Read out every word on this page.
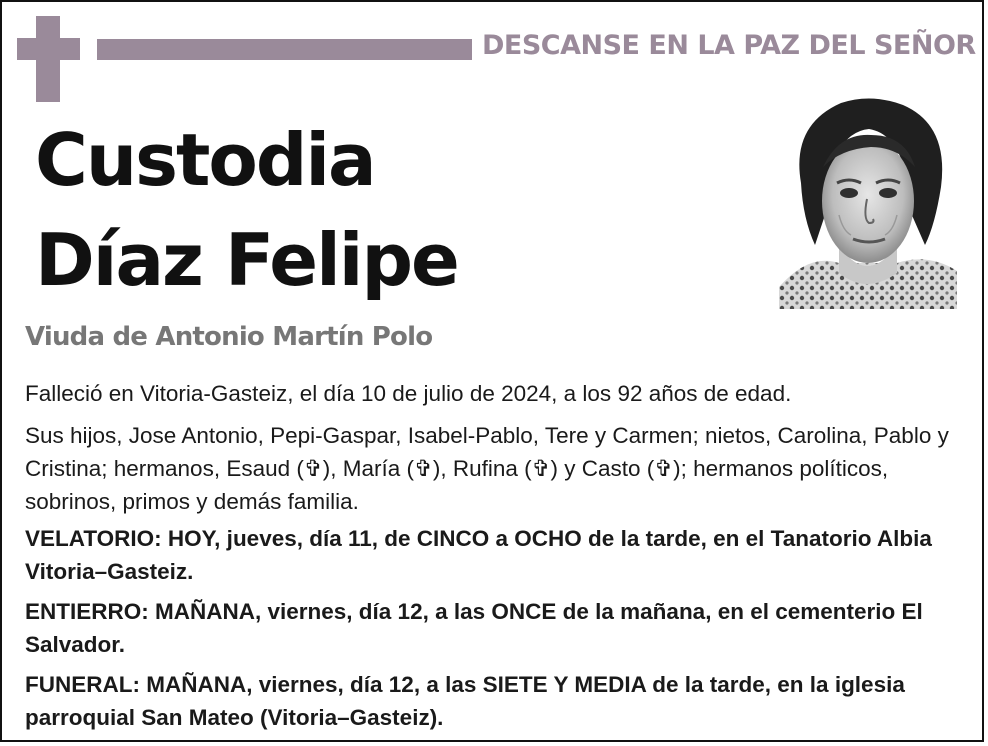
DESCANSE EN LA PAZ DEL SEÑOR
Custodia
Díaz Felipe
Viuda de Antonio Martín Polo
Falleció en Vitoria-Gasteiz, el día 10 de julio de 2024, a los 92 años de edad.
Sus hijos, Jose Antonio, Pepi-Gaspar, Isabel-Pablo, Tere y Carmen; nietos, Carolina, Pablo y Cristina; hermanos, Esaud (✞), María (✞), Rufina (✞) y Casto (✞); hermanos políticos, sobrinos, primos y demás familia.
VELATORIO: HOY, jueves, día 11, de CINCO a OCHO de la tarde, en el Tanatorio Albia Vitoria–Gasteiz.
ENTIERRO: MAÑANA, viernes, día 12, a las ONCE de la mañana, en el cementerio El Salvador.
FUNERAL: MAÑANA, viernes, día 12, a las SIETE Y MEDIA de la tarde, en la iglesia parroquial San Mateo (Vitoria–Gasteiz).
